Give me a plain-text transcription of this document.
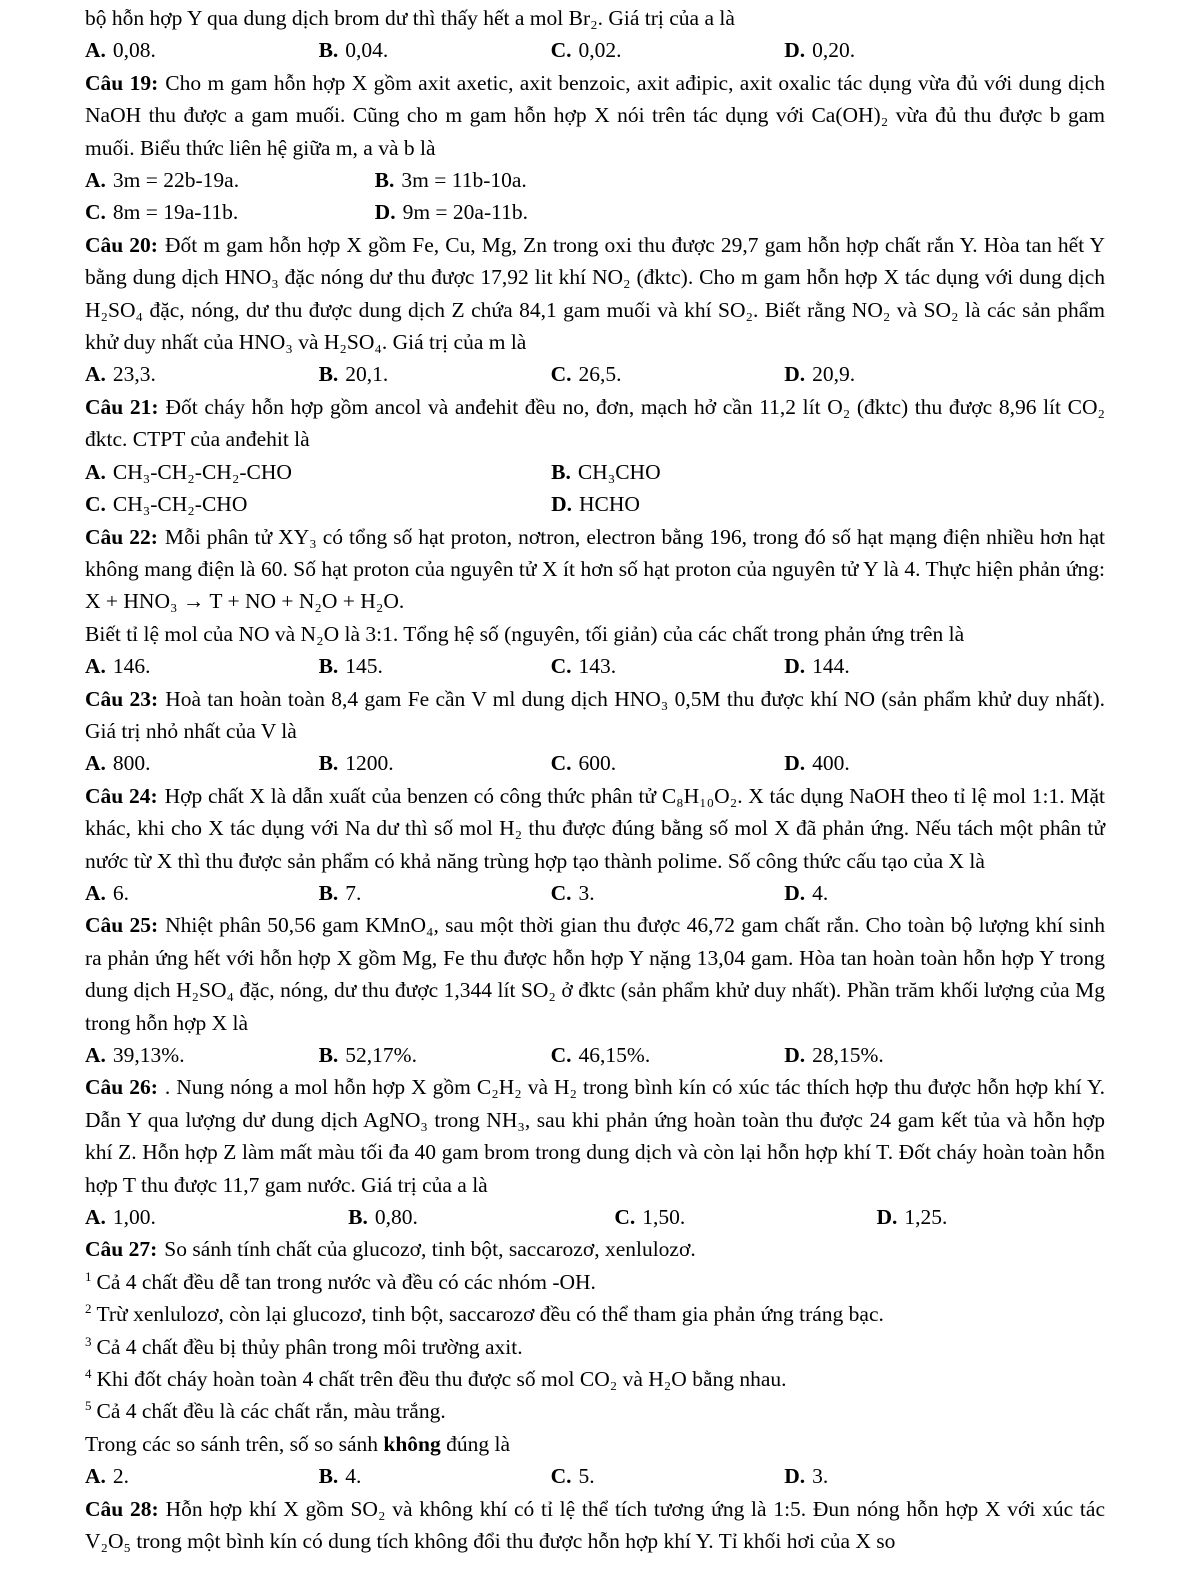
bộ hỗn hợp Y qua dung dịch brom dư thì thấy hết a mol Br₂. Giá trị của a là

A. 0,08.	B. 0,04.	C. 0,02.	D. 0,20.

Câu 19: Cho m gam hỗn hợp X gồm axit axetic, axit benzoic, axit ađipic, axit oxalic tác dụng vừa đủ với dung dịch NaOH thu được a gam muối. Cũng cho m gam hỗn hợp X nói trên tác dụng với Ca(OH)₂ vừa đủ thu được b gam muối. Biểu thức liên hệ giữa m, a và b là

A. 3m = 22b-19a.	B. 3m = 11b-10a.
C. 8m = 19a-11b.	D. 9m = 20a-11b.

Câu 20: Đốt m gam hỗn hợp X gồm Fe, Cu, Mg, Zn trong oxi thu được 29,7 gam hỗn hợp chất rắn Y. Hòa tan hết Y bằng dung dịch HNO₃ đặc nóng dư thu được 17,92 lit khí NO₂ (đktc). Cho m gam hỗn hợp X tác dụng với dung dịch H₂SO₄ đặc, nóng, dư thu được dung dịch Z chứa 84,1 gam muối và khí SO₂. Biết rằng NO₂ và SO₂ là các sản phẩm khử duy nhất của HNO₃ và H₂SO₄. Giá trị của m là

A. 23,3.	B. 20,1.	C. 26,5.	D. 20,9.

Câu 21: Đốt cháy hỗn hợp gồm ancol và anđehit đều no, đơn, mạch hở cần 11,2 lít O₂ (đktc) thu được 8,96 lít CO₂ đktc. CTPT của anđehit là

A. CH₃-CH₂-CH₂-CHO	B. CH₃CHO
C. CH₃-CH₂-CHO	D. HCHO

Câu 22: Mỗi phân tử XY₃ có tổng số hạt proton, nơtron, electron bằng 196, trong đó số hạt mạng điện nhiều hơn hạt không mang điện là 60. Số hạt proton của nguyên tử X ít hơn số hạt proton của nguyên tử Y là 4. Thực hiện phản ứng: X + HNO₃ → T + NO + N₂O + H₂O.

Biết tỉ lệ mol của NO và N₂O là 3:1. Tổng hệ số (nguyên, tối giản) của các chất trong phản ứng trên là

A. 146.	B. 145.	C. 143.	D. 144.

Câu 23: Hoà tan hoàn toàn 8,4 gam Fe cần V ml dung dịch HNO₃ 0,5M thu được khí NO (sản phẩm khử duy nhất). Giá trị nhỏ nhất của V là

A. 800.	B. 1200.	C. 600.	D. 400.

Câu 24: Hợp chất X là dẫn xuất của benzen có công thức phân tử C₈H₁₀O₂. X tác dụng NaOH theo tỉ lệ mol 1:1. Mặt khác, khi cho X tác dụng với Na dư thì số mol H₂ thu được đúng bằng số mol X đã phản ứng. Nếu tách một phân tử nước từ X thì thu được sản phẩm có khả năng trùng hợp tạo thành polime. Số công thức cấu tạo của X là

A. 6.	B. 7.	C. 3.	D. 4.

Câu 25: Nhiệt phân 50,56 gam KMnO₄, sau một thời gian thu được 46,72 gam chất rắn. Cho toàn bộ lượng khí sinh ra phản ứng hết với hỗn hợp X gồm Mg, Fe thu được hỗn hợp Y nặng 13,04 gam. Hòa tan hoàn toàn hỗn hợp Y trong dung dịch H₂SO₄ đặc, nóng, dư thu được 1,344 lít SO₂ ở đktc (sản phẩm khử duy nhất). Phần trăm khối lượng của Mg trong hỗn hợp X là

A. 39,13%.	B. 52,17%.	C. 46,15%.	D. 28,15%.

Câu 26: . Nung nóng a mol hỗn hợp X gồm C₂H₂ và H₂ trong bình kín có xúc tác thích hợp thu được hỗn hợp khí Y. Dẫn Y qua lượng dư dung dịch AgNO₃ trong NH₃, sau khi phản ứng hoàn toàn thu được 24 gam kết tủa và hỗn hợp khí Z. Hỗn hợp Z làm mất màu tối đa 40 gam brom trong dung dịch và còn lại hỗn hợp khí T. Đốt cháy hoàn toàn hỗn hợp T thu được 11,7 gam nước. Giá trị của a là

A. 1,00.	B. 0,80.	C. 1,50.	D. 1,25.

Câu 27: So sánh tính chất của glucozơ, tinh bột, saccarozơ, xenlulozơ.

$^1$ Cả 4 chất đều dễ tan trong nước và đều có các nhóm -OH.

$^2$ Trừ xenlulozơ, còn lại glucozơ, tinh bột, saccarozơ đều có thể tham gia phản ứng tráng bạc.

$^3$ Cả 4 chất đều bị thủy phân trong môi trường axit.

$^4$ Khi đốt cháy hoàn toàn 4 chất trên đều thu được số mol CO₂ và H₂O bằng nhau.

$^5$ Cả 4 chất đều là các chất rắn, màu trắng.

Trong các so sánh trên, số so sánh không đúng là

A. 2.	B. 4.	C. 5.	D. 3.

Câu 28: Hỗn hợp khí X gồm SO₂ và không khí có tỉ lệ thể tích tương ứng là 1:5. Đun nóng hỗn hợp X với xúc tác V₂O₅ trong một bình kín có dung tích không đổi thu được hỗn hợp khí Y. Tỉ khối hơi của X so
